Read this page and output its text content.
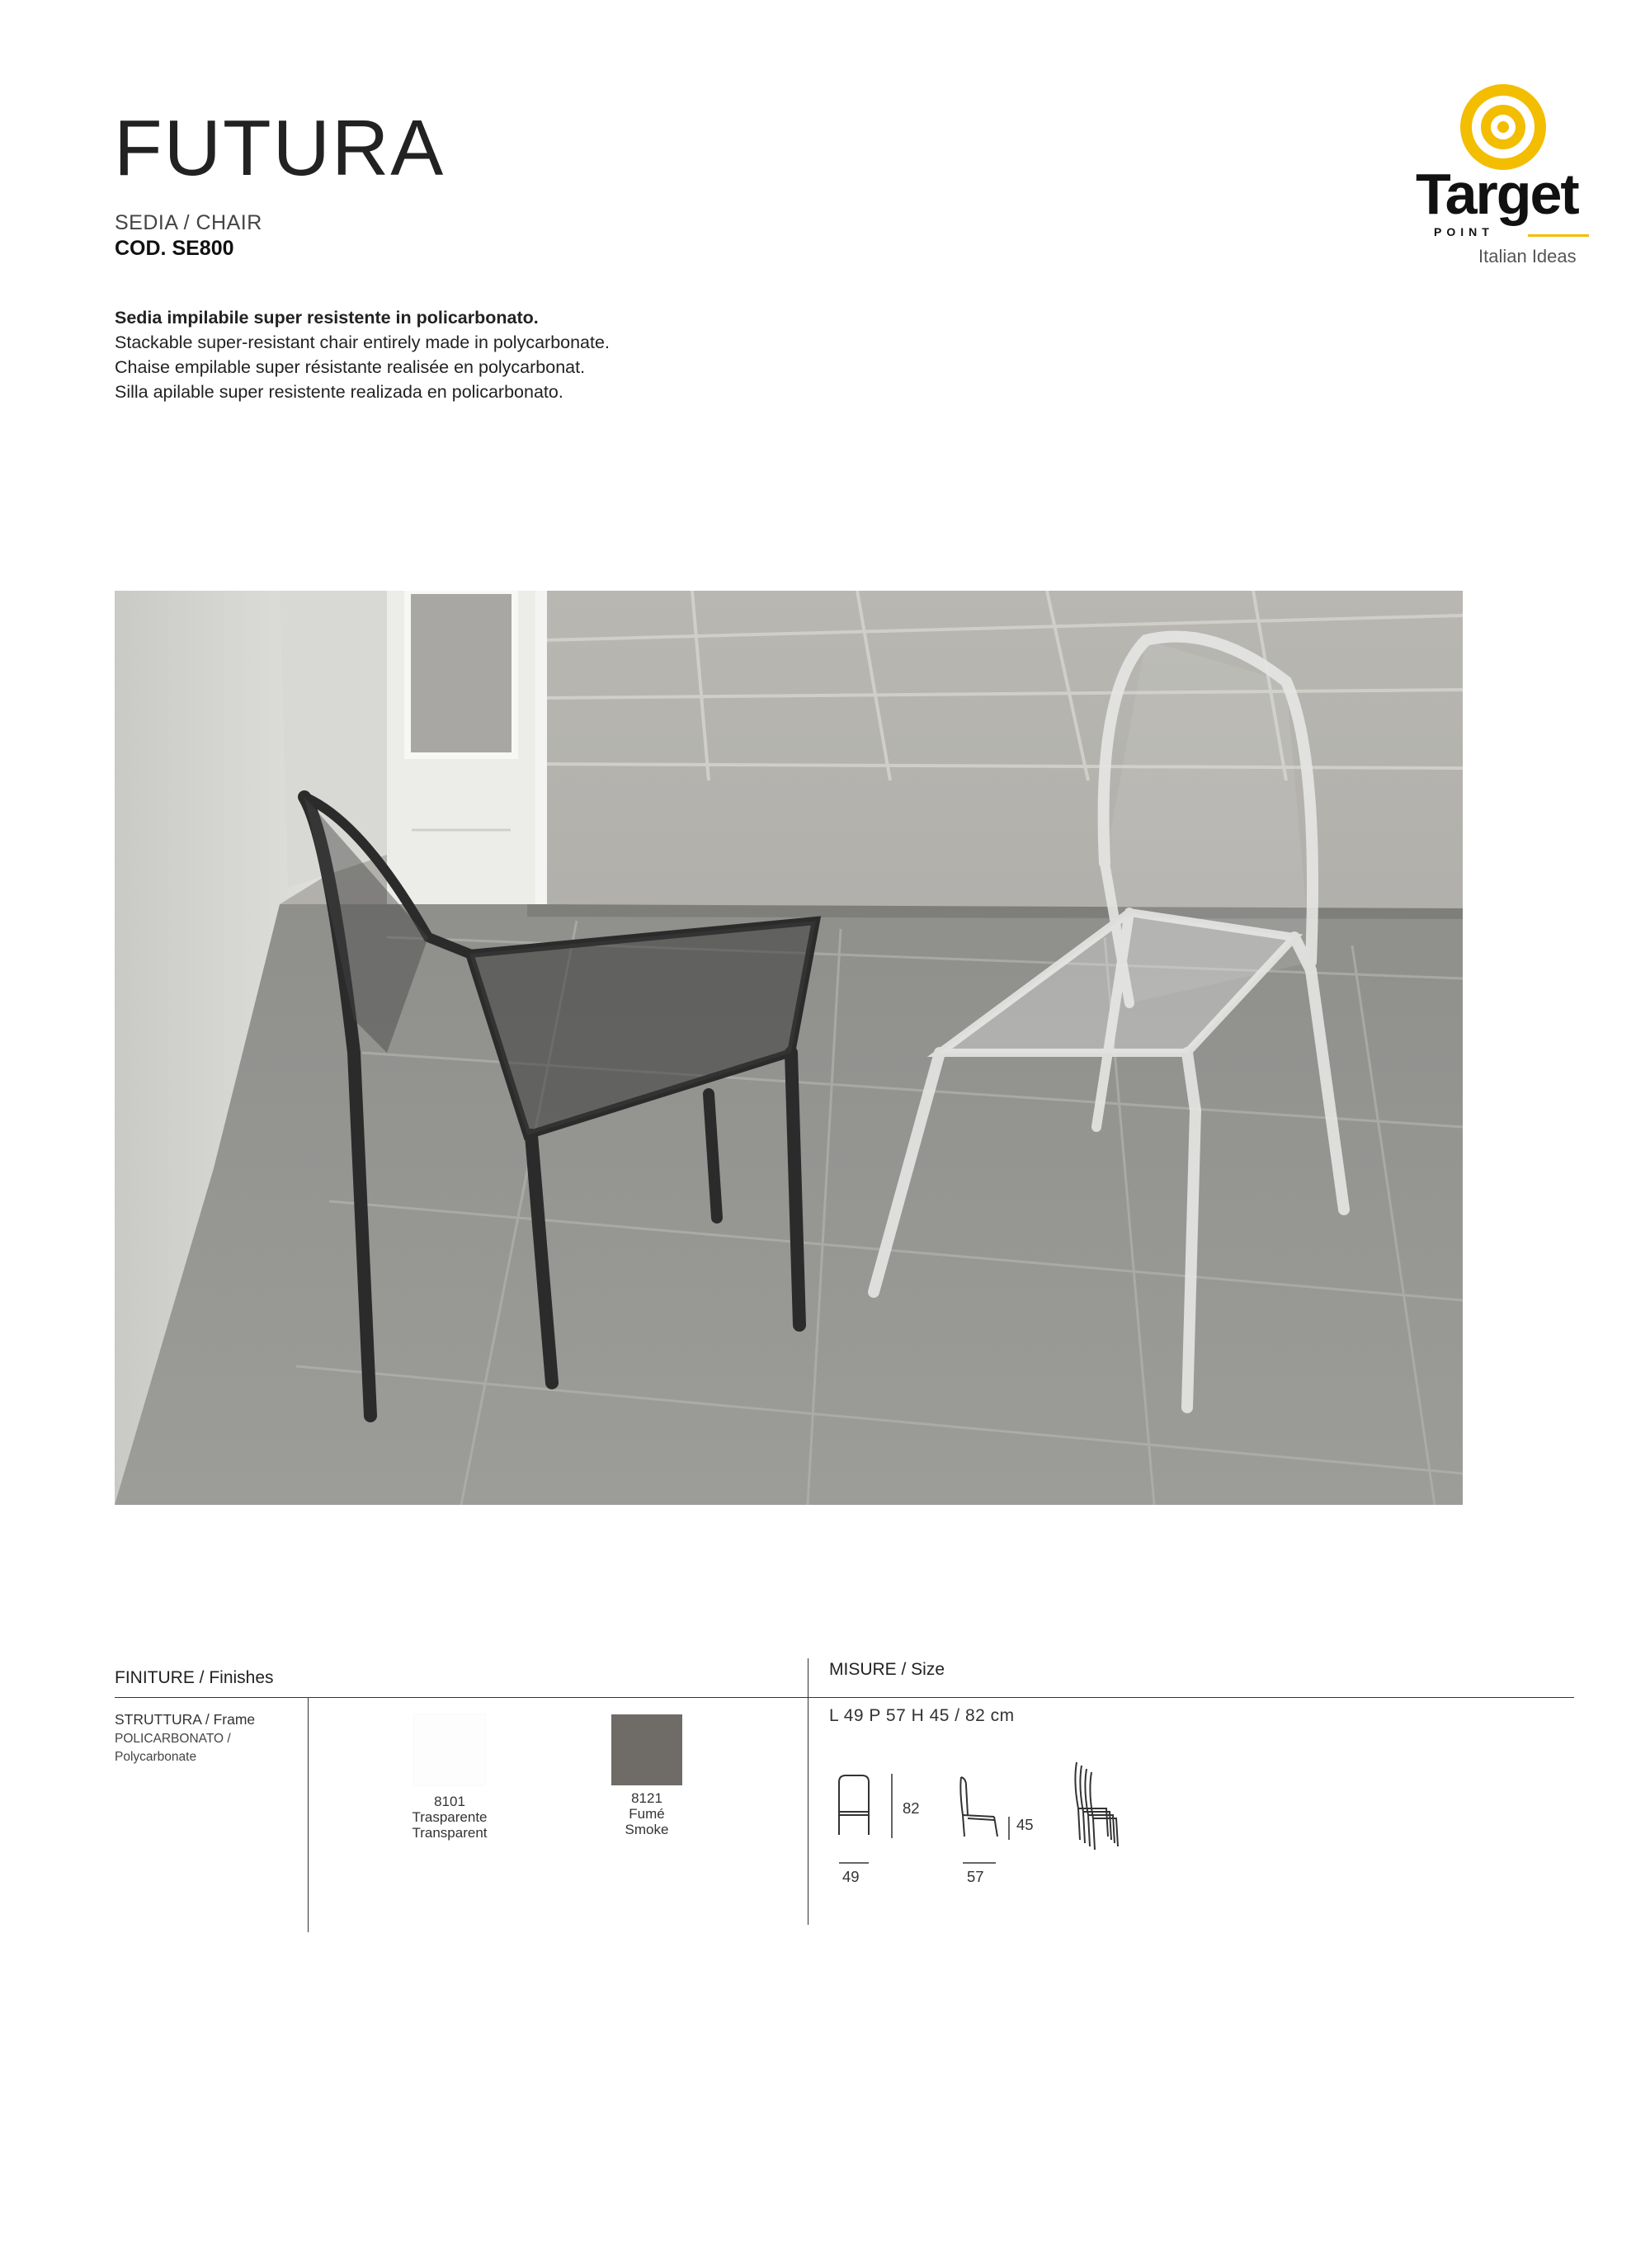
FUTURA
SEDIA / CHAIR
COD. SE800
Sedia impilabile super resistente in policarbonato.
Stackable super-resistant chair entirely made in polycarbonate.
Chaise empilable super résistante realisée en polycarbonat.
Silla apilable super resistente realizada en policarbonato.
Target
POINT
Italian Ideas
FINITURE / Finishes	MISURE / Size
STRUTTURA / Frame
POLICARBONATO /
Polycarbonate
8101
Trasparente
Transparent
8121
Fumé
Smoke
L 49 P 57 H 45 / 82 cm
82
45
49	57
